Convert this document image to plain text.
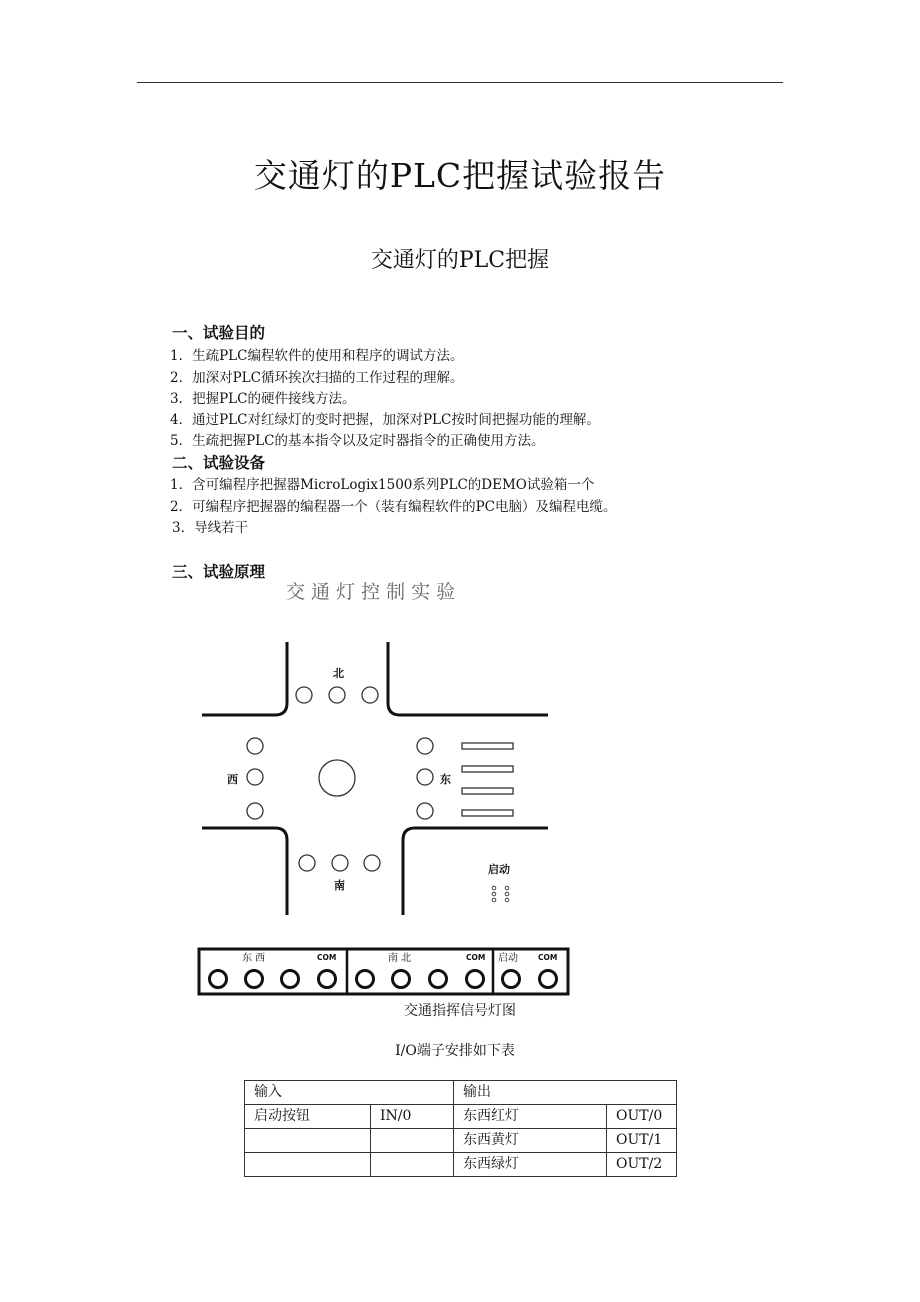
交通灯的PLC把握试验报告
交通灯的PLC把握
一、试验目的
1．生疏PLC编程软件的使用和程序的调试方法。
2．加深对PLC循环挨次扫描的工作过程的理解。
3．把握PLC的硬件接线方法。
4．通过PLC对红绿灯的变时把握，加深对PLC按时间把握功能的理解。
5．生疏把握PLC的基本指令以及定时器指令的正确使用方法。
二、试验设备
1．含可编程序把握器MicroLogix1500系列PLC的DEMO试验箱一个
2．可编程序把握器的编程器一个（装有编程软件的PC电脑）及编程电缆。
3．导线若干
三、试验原理
交 通 灯 控 制 实 验
北
西	东
南
启动
东 西	南 北	启动
COM	COM	COM
交通指挥信号灯图
I/O端子安排如下表
输入		输出	
启动按钮	IN/0	东西红灯	OUT/0
		东西黄灯	OUT/1
		东西绿灯	OUT/2
